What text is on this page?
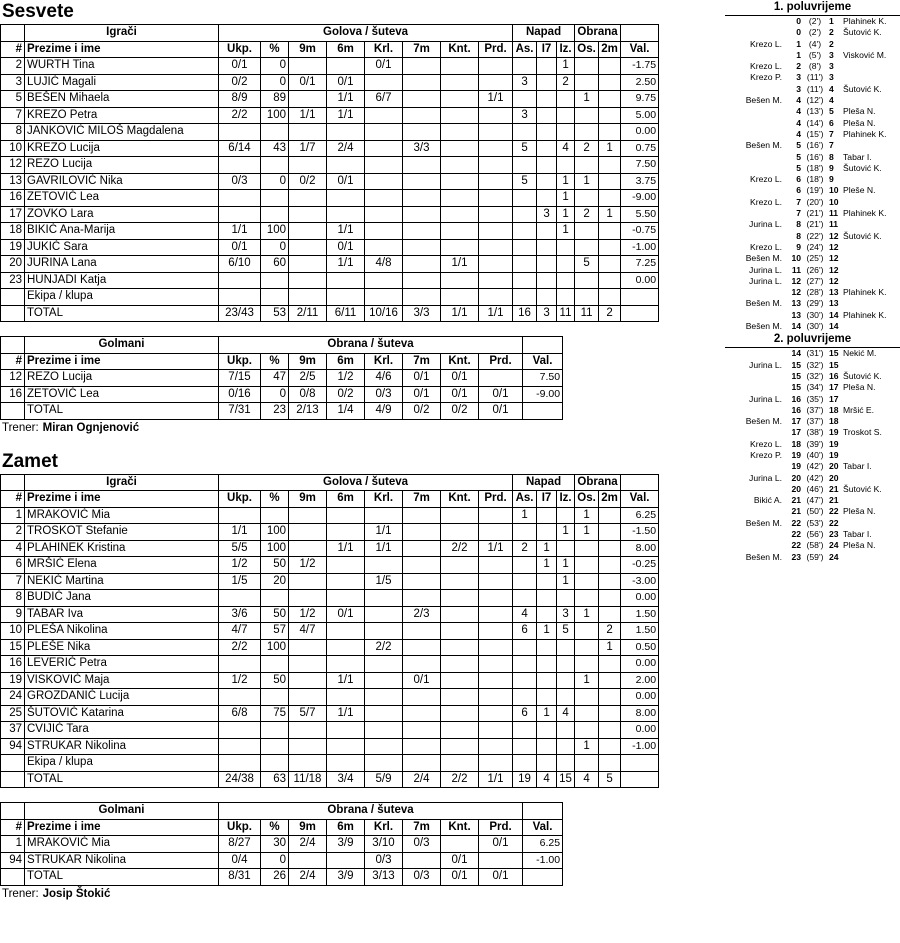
Sesvete
	Igrači	Golova / šuteva								Napad			Obrana		
#	Prezime i ime	Ukp.	%	9m	6m	Krl.	7m	Knt.	Prd.	As.	I7	Iz.	Os.	2m	Val.
2	WURTH Tina	0/1	0			0/1						1			-1.75
3	LUJIĆ Magali	0/2	0	0/1	0/1					3		2			2.50
5	BEŠEN Mihaela	8/9	89		1/1	6/7			1/1				1		9.75
7	KREZO Petra	2/2	100	1/1	1/1					3					5.00
8	JANKOVIĆ MILOŠ Magdalena														0.00
10	KREZO Lucija	6/14	43	1/7	2/4		3/3			5		4	2	1	0.75
12	REZO Lucija														7.50
13	GAVRILOVIĆ Nika	0/3	0	0/2	0/1					5		1	1		3.75
16	ZETOVIĆ Lea											1			-9.00
17	ZOVKO Lara										3	1	2	1	5.50
18	BIKIĆ Ana-Marija	1/1	100		1/1							1			-0.75
19	JUKIĆ Sara	0/1	0		0/1										-1.00
20	JURINA Lana	6/10	60		1/1	4/8		1/1					5		7.25
23	HUNJADI Katja														0.00
	Ekipa / klupa														
	TOTAL	23/43	53	2/11	6/11	10/16	3/3	1/1	1/1	16	3	11	11	2	
	Golmani	Obrana / šuteva								
#	Prezime i ime	Ukp.	%	9m	6m	Krl.	7m	Knt.	Prd.	Val.
12	REZO Lucija	7/15	47	2/5	1/2	4/6	0/1	0/1		7.50
16	ZETOVIĆ Lea	0/16	0	0/8	0/2	0/3	0/1	0/1	0/1	-9.00
	TOTAL	7/31	23	2/13	1/4	4/9	0/2	0/2	0/1	
Trener: Miran Ognjenović
Zamet
	Igrači	Golova / šuteva								Napad			Obrana		
#	Prezime i ime	Ukp.	%	9m	6m	Krl.	7m	Knt.	Prd.	As.	I7	Iz.	Os.	2m	Val.
1	MRAKOVIĆ Mia									1			1		6.25
2	TROSKOT Stefanie	1/1	100			1/1						1	1		-1.50
4	PLAHINEK Kristina	5/5	100		1/1	1/1		2/2	1/1	2	1				8.00
6	MRŠIĆ Elena	1/2	50	1/2							1	1			-0.25
7	NEKIĆ Martina	1/5	20			1/5						1			-3.00
8	BUDIĆ Jana														0.00
9	TABAR Iva	3/6	50	1/2	0/1		2/3			4		3	1		1.50
10	PLEŠA Nikolina	4/7	57	4/7						6	1	5		2	1.50
15	PLEŠE Nika	2/2	100			2/2								1	0.50
16	LEVERIĆ Petra														0.00
19	VISKOVIĆ Maja	1/2	50		1/1		0/1						1		2.00
24	GROZDANIĆ Lucija														0.00
25	ŠUTOVIĆ Katarina	6/8	75	5/7	1/1					6	1	4			8.00
37	CVIJIĆ Tara														0.00
94	STRUKAR Nikolina												1		-1.00
	Ekipa / klupa														
	TOTAL	24/38	63	11/18	3/4	5/9	2/4	2/2	1/1	19	4	15	4	5	
	Golmani	Obrana / šuteva								
#	Prezime i ime	Ukp.	%	9m	6m	Krl.	7m	Knt.	Prd.	Val.
1	MRAKOVIĆ Mia	8/27	30	2/4	3/9	3/10	0/3		0/1	6.25
94	STRUKAR Nikolina	0/4	0			0/3		0/1		-1.00
	TOTAL	8/31	26	2/4	3/9	3/13	0/3	0/1	0/1	
Trener: Josip Štokić
1. poluvrijeme
0 (2') 1	Plahinek K.
0 (2') 2	Šutović K.
Krezo L.	1 (4') 2
1 (5') 3	Visković M.
Krezo L.	2 (8') 3
Krezo P.	3 (11') 3
3 (11') 4	Šutović K.
Bešen M.	4 (12') 4
4 (13') 5	Pleša N.
4 (14') 6	Pleša N.
4 (15') 7	Plahinek K.
Bešen M.	5 (16') 7
5 (16') 8	Tabar I.
5 (18') 9	Šutović K.
Krezo L.	6 (18') 9
6 (19') 10 Pleše N.
Krezo L.	7 (20') 10
7 (21') 11 Plahinek K.
Jurina L.	8 (21') 11
8 (22') 12 Šutović K.
Krezo L.	9 (24') 12
Bešen M. 10 (25') 12
Jurina L. 11 (26') 12
Jurina L. 12 (27') 12
12 (28') 13 Plahinek K.
Bešen M. 13 (29') 13
13 (30') 14 Plahinek K.
Bešen M. 14 (30') 14
2. poluvrijeme
14 (31') 15 Nekić M.
Jurina L. 15 (32') 15
15 (32') 16 Šutović K.
15 (34') 17 Pleša N.
Jurina L. 16 (35') 17
16 (37') 18 Mršić E.
Bešen M. 17 (37') 18
17 (38') 19 Troskot S.
Krezo L. 18 (39') 19
Krezo P. 19 (40') 19
19 (42') 20 Tabar I.
Jurina L. 20 (42') 20
20 (46') 21 Šutović K.
Bikić A. 21 (47') 21
21 (50') 22 Pleša N.
Bešen M. 22 (53') 22
22 (56') 23 Tabar I.
22 (58') 24 Pleša N.
Bešen M. 23 (59') 24
